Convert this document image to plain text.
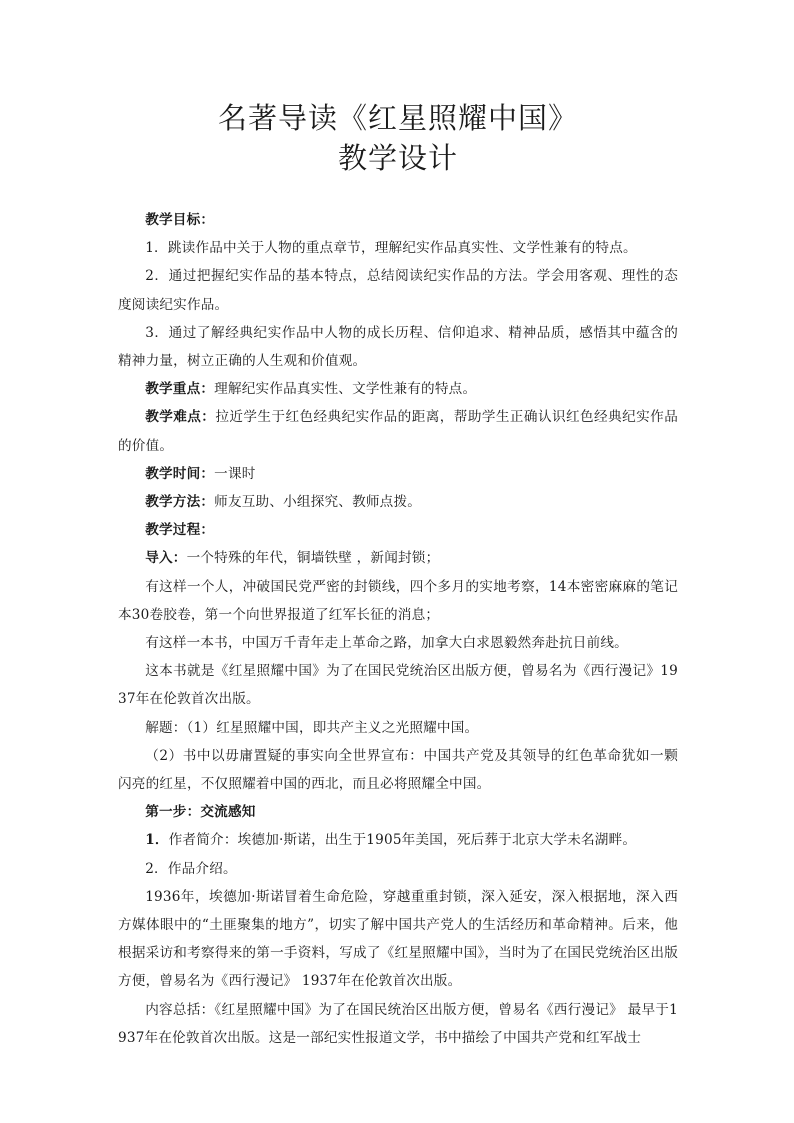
名著导读《红星照耀中国》
教学设计

教学目标：

1．跳读作品中关于人物的重点章节，理解纪实作品真实性、文学性兼有的特点。

2．通过把握纪实作品的基本特点，总结阅读纪实作品的方法。学会用客观、理性的态度阅读纪实作品。

3．通过了解经典纪实作品中人物的成长历程、信仰追求、精神品质，感悟其中蕴含的精神力量，树立正确的人生观和价值观。

教学重点：理解纪实作品真实性、文学性兼有的特点。

教学难点：拉近学生于红色经典纪实作品的距离，帮助学生正确认识红色经典纪实作品的价值。

教学时间：一课时

教学方法：师友互助、小组探究、教师点拨。

教学过程：

导入：一个特殊的年代，铜墙铁壁 ，新闻封锁；

有这样一个人，冲破国民党严密的封锁线，四个多月的实地考察，14本密密麻麻的笔记本30卷胶卷，第一个向世界报道了红军长征的消息；

有这样一本书，中国万千青年走上革命之路，加拿大白求恩毅然奔赴抗日前线。

这本书就是《红星照耀中国》为了在国民党统治区出版方便，曾易名为《西行漫记》1937年在伦敦首次出版。

解题：（1）红星照耀中国，即共产主义之光照耀中国。

（2）书中以毋庸置疑的事实向全世界宣布：中国共产党及其领导的红色革命犹如一颗闪亮的红星，不仅照耀着中国的西北，而且必将照耀全中国。

第一步：交流感知

1．作者简介：埃德加·斯诺，出生于1905年美国，死后葬于北京大学未名湖畔。

2．作品介绍。

1936年，埃德加·斯诺冒着生命危险，穿越重重封锁，深入延安，深入根据地，深入西方媒体眼中的“土匪聚集的地方”，切实了解中国共产党人的生活经历和革命精神。后来，他根据采访和考察得来的第一手资料，写成了《红星照耀中国》，当时为了在国民党统治区出版方便，曾易名为《西行漫记》 1937年在伦敦首次出版。

内容总括：《红星照耀中国》为了在国民统治区出版方便，曾易名《西行漫记》 最早于1937年在伦敦首次出版。这是一部纪实性报道文学，书中描绘了中国共产党和红军战士
